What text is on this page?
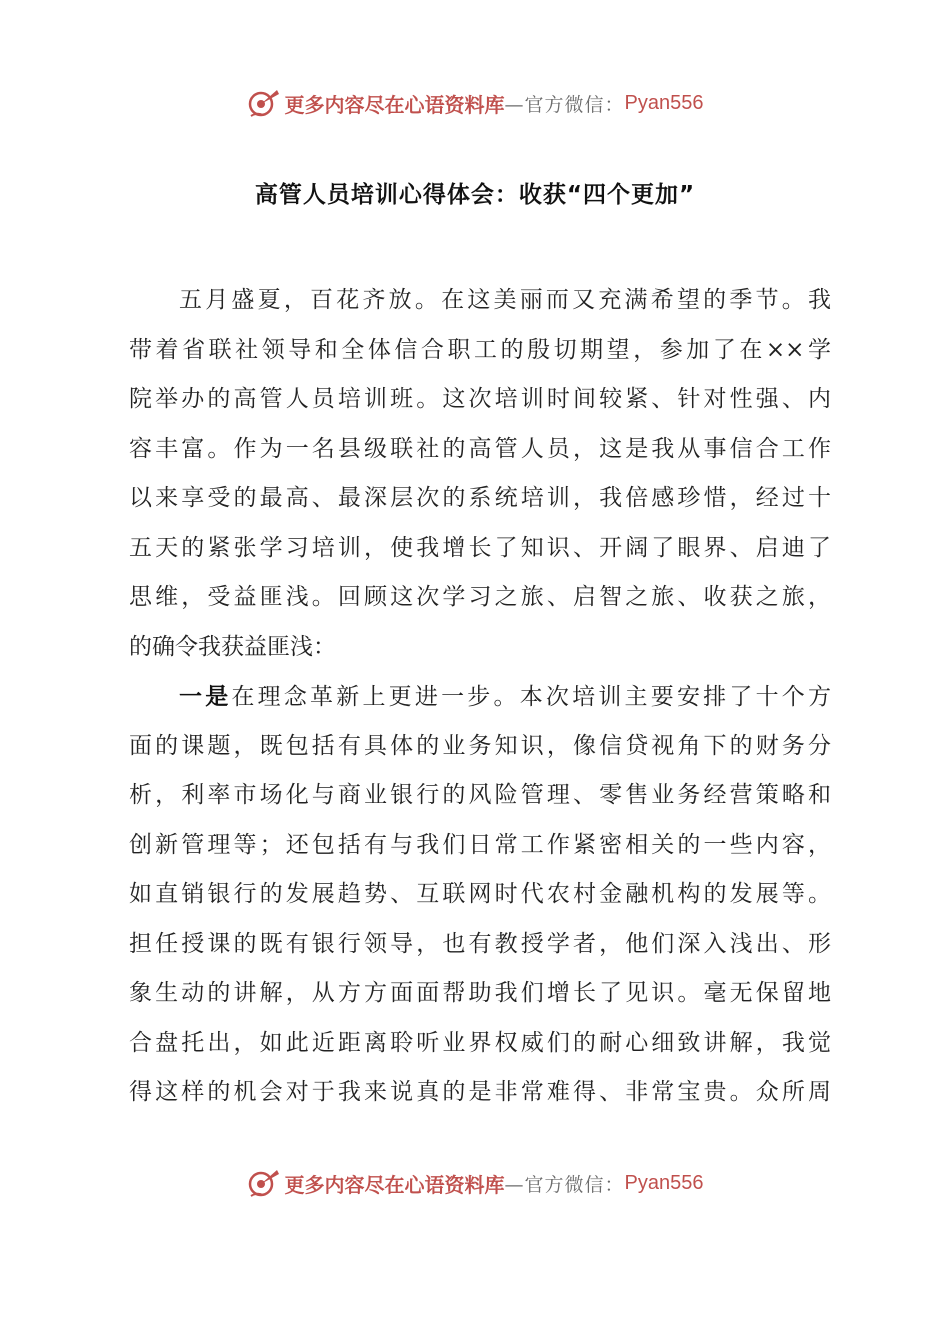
更多内容尽在心语资料库 —官方微信： Pyan556
高管人员培训心得体会：收获“四个更加”
五月盛夏，百花齐放。在这美丽而又充满希望的季节。我
带着省联社领导和全体信合职工的殷切期望，参加了在××学
院举办的高管人员培训班。这次培训时间较紧、针对性强、内
容丰富。作为一名县级联社的高管人员，这是我从事信合工作
以来享受的最高、最深层次的系统培训，我倍感珍惜，经过十
五天的紧张学习培训，使我增长了知识、开阔了眼界、启迪了
思维，受益匪浅。回顾这次学习之旅、启智之旅、收获之旅，
的确令我获益匪浅：
一是在理念革新上更进一步。本次培训主要安排了十个方
面的课题，既包括有具体的业务知识，像信贷视角下的财务分
析，利率市场化与商业银行的风险管理、零售业务经营策略和
创新管理等；还包括有与我们日常工作紧密相关的一些内容，
如直销银行的发展趋势、互联网时代农村金融机构的发展等。
担任授课的既有银行领导，也有教授学者，他们深入浅出、形
象生动的讲解，从方方面面帮助我们增长了见识。毫无保留地
合盘托出，如此近距离聆听业界权威们的耐心细致讲解，我觉
得这样的机会对于我来说真的是非常难得、非常宝贵。众所周
更多内容尽在心语资料库 —官方微信： Pyan556
